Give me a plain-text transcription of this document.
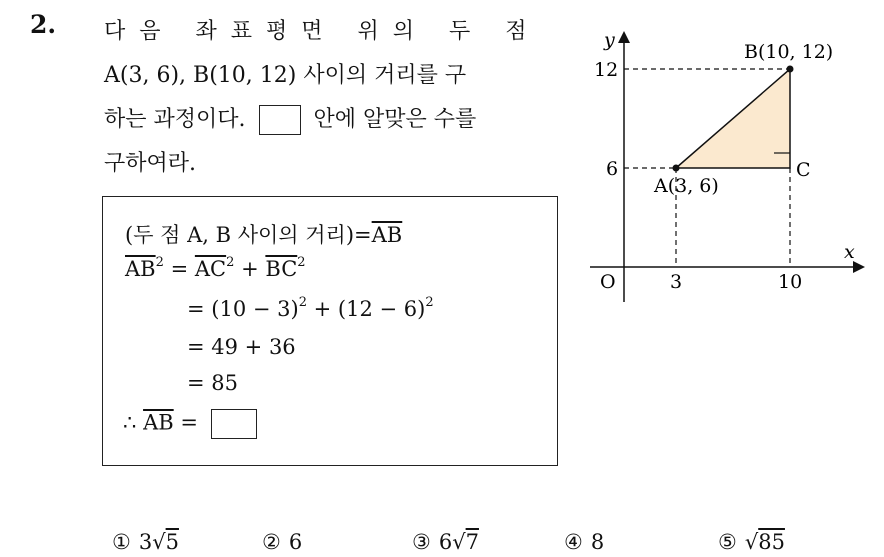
2. 다음 좌표평면 위의 두 점
A(3, 6), B(10, 12) 사이의 거리를 구
하는 과정이다.	안에 알맞은 수를
구하여라.
(두 점 A, B 사이의 거리)$=\overline{AB}$
$\overline{AB}^2 = \overline{AC}^2 + \overline{BC}^2$
= $(10 - 3)^2 + (12 - 6)^2$
= 49 + 36
= 85
∴ $\overline{AB}$ =
y
x
O	3	10
6
12
A(3, 6)
B(10, 12)
C
① 3√5	② 6	③ 6√7	④ 8	⑤ √85
